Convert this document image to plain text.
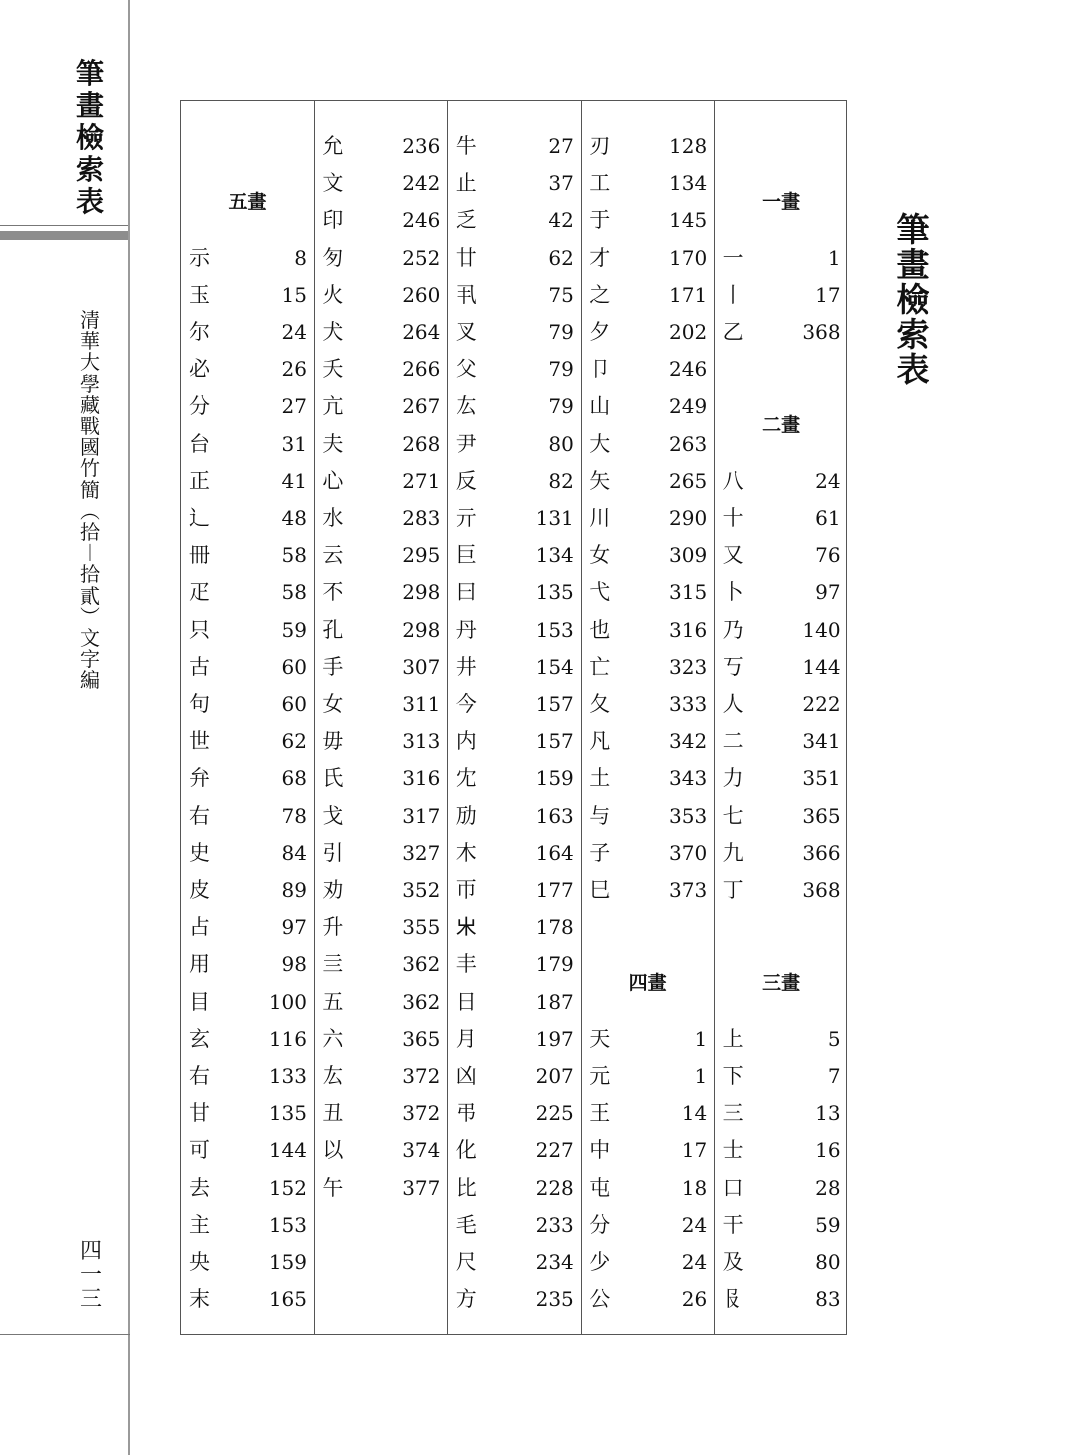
筆
畫
檢
索
表
清
華
大
學
藏
戰
國
竹
簡
︵
拾
︱
拾
貳
︶
文
字
編
四
一
三
筆
畫
檢
索
表
一畫
一	1
丨	17
乙	368
二畫
八	24
十	61
又	76
卜	97
乃	140
丂	144
人	222
二	341
力	351
七	365
九	366
丁	368
三畫
上	5
下	7
三	13
士	16
口	28
干	59
及	80
𠬝	83
刃	128
工	134
于	145
才	170
之	171
夕	202
卩	246
山	249
大	263
矢	265
川	290
女	309
弋	315
也	316
亡	323
夂	333
凡	342
土	343
与	353
子	370
巳	373
四畫
天	1
元	1
王	14
中	17
屯	18
分	24
少	24
公	26
牛	27
止	37
乏	42
廿	62
丮	75
叉	79
父	79
厷	79
尹	80
反	82
亓	131
巨	134
曰	135
丹	153
井	154
今	157
内	157
冘	159
劢	163
木	164
帀	177
𣎵	178
丰	179
日	187
月	197
凶	207
弔	225
化	227
比	228
毛	233
尺	234
方	235
允	236
文	242
印	246
匇	252
火	260
犬	264
夭	266
亢	267
夫	268
心	271
水	283
云	295
不	298
孔	298
手	307
女	311
毋	313
氏	316
戈	317
引	327
劝	352
升	355
亖	362
五	362
六	365
厷	372
丑	372
以	374
午	377
五畫
示	8
玉	15
尔	24
必	26
分	27
台	31
正	41
辶	48
冊	58
疋	58
只	59
古	60
句	60
世	62
弁	68
右	78
史	84
皮	89
占	97
用	98
目	100
玄	116
右	133
甘	135
可	144
去	152
主	153
央	159
末	165
